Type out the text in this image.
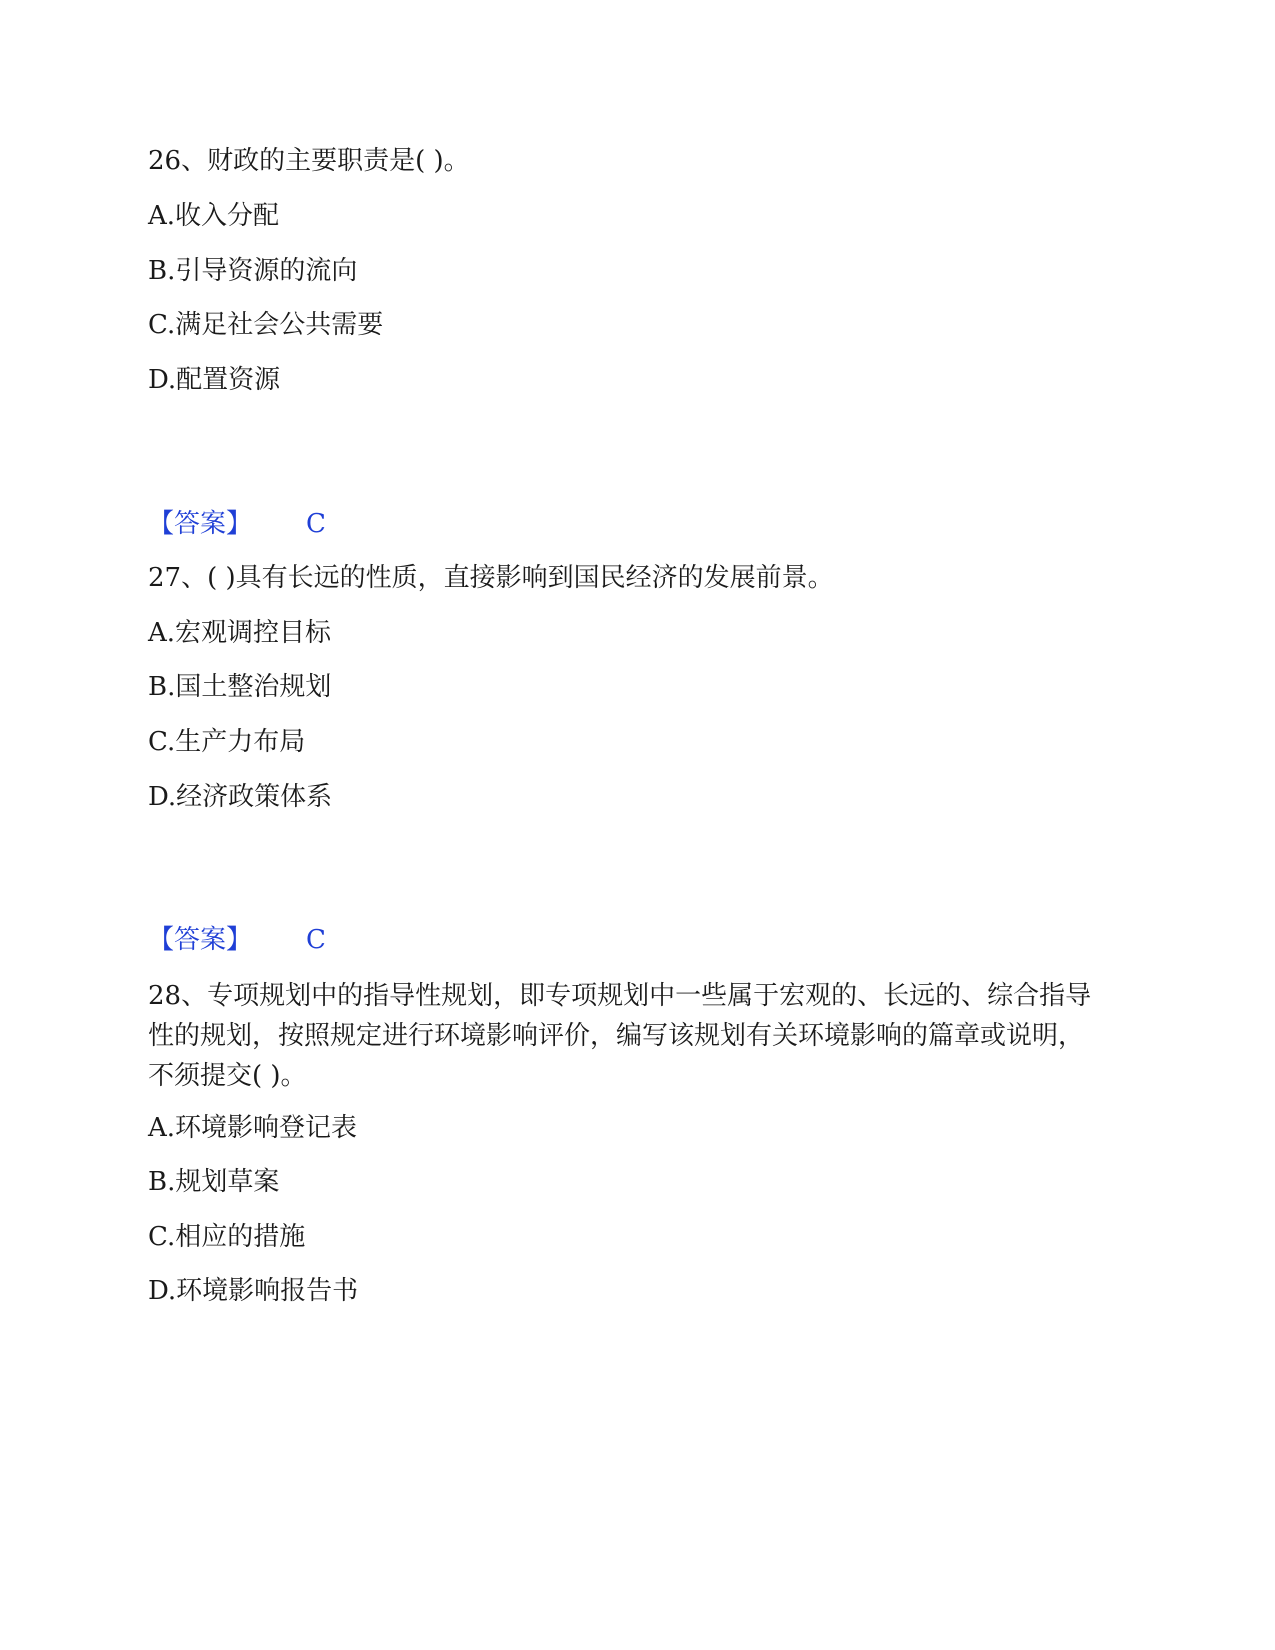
26、财政的主要职责是( )。
A.收入分配
B.引导资源的流向
C.满足社会公共需要
D.配置资源
【答案】 C
27、( )具有长远的性质，直接影响到国民经济的发展前景。
A.宏观调控目标
B.国土整治规划
C.生产力布局
D.经济政策体系
【答案】 C
28、专项规划中的指导性规划，即专项规划中一些属于宏观的、长远的、综合指导性的规划，按照规定进行环境影响评价，编写该规划有关环境影响的篇章或说明，不须提交( )。
A.环境影响登记表
B.规划草案
C.相应的措施
D.环境影响报告书
